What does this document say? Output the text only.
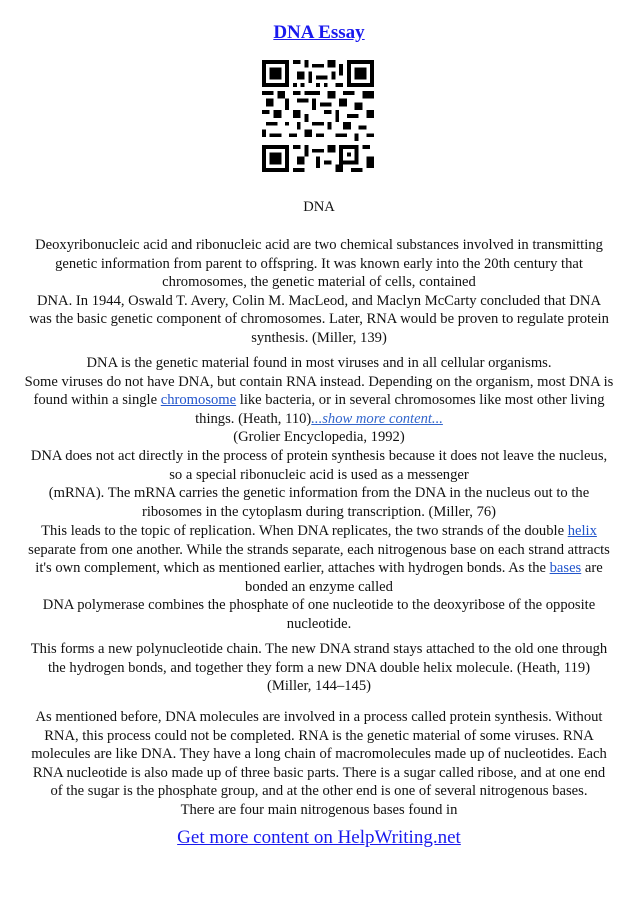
DNA Essay
DNA
Deoxyribonucleic acid and ribonucleic acid are two chemical substances involved in transmitting
genetic information from parent to offspring. It was known early into the 20th century that
chromosomes, the genetic material of cells, contained
DNA. In 1944, Oswald T. Avery, Colin M. MacLeod, and Maclyn McCarty concluded that DNA
was the basic genetic component of chromosomes. Later, RNA would be proven to regulate protein
synthesis. (Miller, 139)
DNA is the genetic material found in most viruses and in all cellular organisms.
Some viruses do not have DNA, but contain RNA instead. Depending on the organism, most DNA is
found within a single chromosome like bacteria, or in several chromosomes like most other living
things. (Heath, 110)...show more content...
(Grolier Encyclopedia, 1992)
DNA does not act directly in the process of protein synthesis because it does not leave the nucleus,
so a special ribonucleic acid is used as a messenger
(mRNA). The mRNA carries the genetic information from the DNA in the nucleus out to the
ribosomes in the cytoplasm during transcription. (Miller, 76)
This leads to the topic of replication. When DNA replicates, the two strands of the double helix
separate from one another. While the strands separate, each nitrogenous base on each strand attracts
it's own complement, which as mentioned earlier, attaches with hydrogen bonds. As the bases are
bonded an enzyme called
DNA polymerase combines the phosphate of one nucleotide to the deoxyribose of the opposite
nucleotide.
This forms a new polynucleotide chain. The new DNA strand stays attached to the old one through
the hydrogen bonds, and together they form a new DNA double helix molecule. (Heath, 119)
(Miller, 144–145)
As mentioned before, DNA molecules are involved in a process called protein synthesis. Without
RNA, this process could not be completed. RNA is the genetic material of some viruses. RNA
molecules are like DNA. They have a long chain of macromolecules made up of nucleotides. Each
RNA nucleotide is also made up of three basic parts. There is a sugar called ribose, and at one end
of the sugar is the phosphate group, and at the other end is one of several nitrogenous bases.
There are four main nitrogenous bases found in
Get more content on HelpWriting.net
